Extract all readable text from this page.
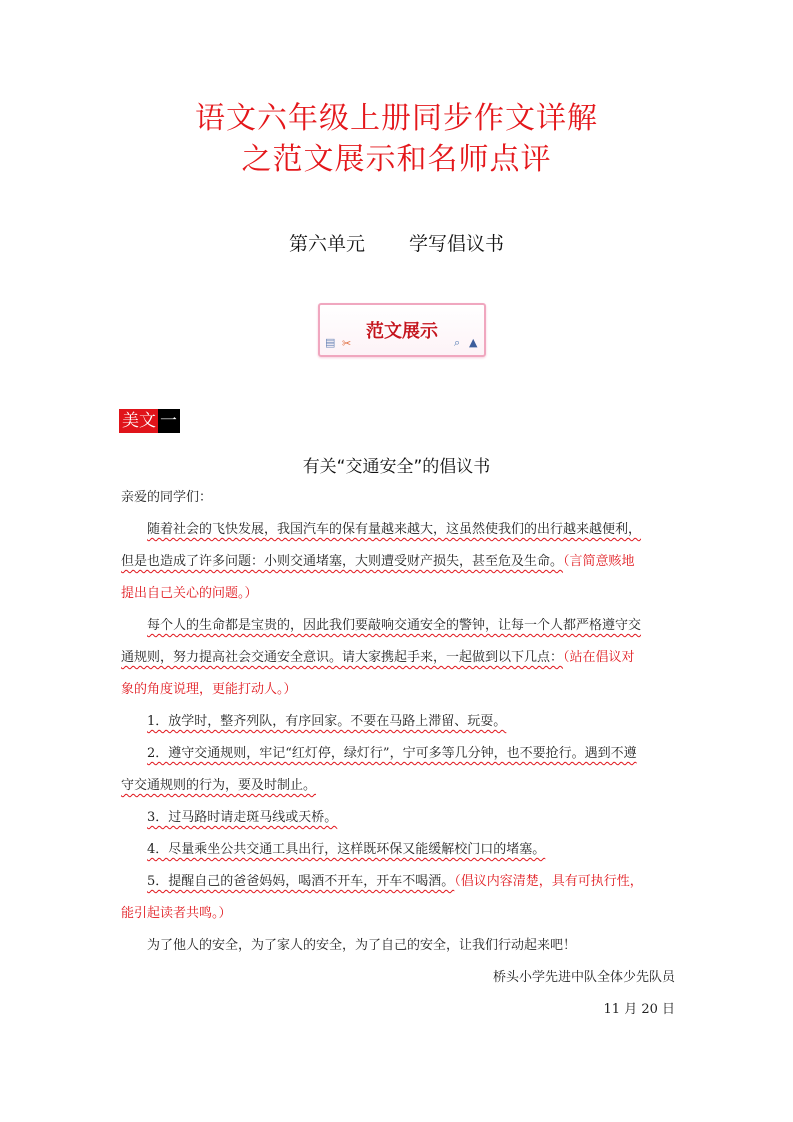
语文六年级上册同步作文详解
之范文展示和名师点评
第六单元 学写倡议书
范文展示
▤ ✂	⌕ ▲
美文 一
有关“交通安全”的倡议书
亲爱的同学们：
随着社会的飞快发展，我国汽车的保有量越来越大，这虽然使我们的出行越来越便利，
但是也造成了许多问题：小则交通堵塞，大则遭受财产损失，甚至危及生命。（言简意赅地
提出自己关心的问题。）
每个人的生命都是宝贵的，因此我们要敲响交通安全的警钟，让每一个人都严格遵守交
通规则，努力提高社会交通安全意识。请大家携起手来，一起做到以下几点：（站在倡议对
象的角度说理，更能打动人。）
1．放学时，整齐列队，有序回家。不要在马路上滞留、玩耍。
2．遵守交通规则，牢记“红灯停，绿灯行”，宁可多等几分钟，也不要抢行。遇到不遵
守交通规则的行为，要及时制止。
3．过马路时请走斑马线或天桥。
4．尽量乘坐公共交通工具出行，这样既环保又能缓解校门口的堵塞。
5．提醒自己的爸爸妈妈，喝酒不开车，开车不喝酒。（倡议内容清楚，具有可执行性，
能引起读者共鸣。）
为了他人的安全，为了家人的安全，为了自己的安全，让我们行动起来吧！
桥头小学先进中队全体少先队员
11 月 20 日
